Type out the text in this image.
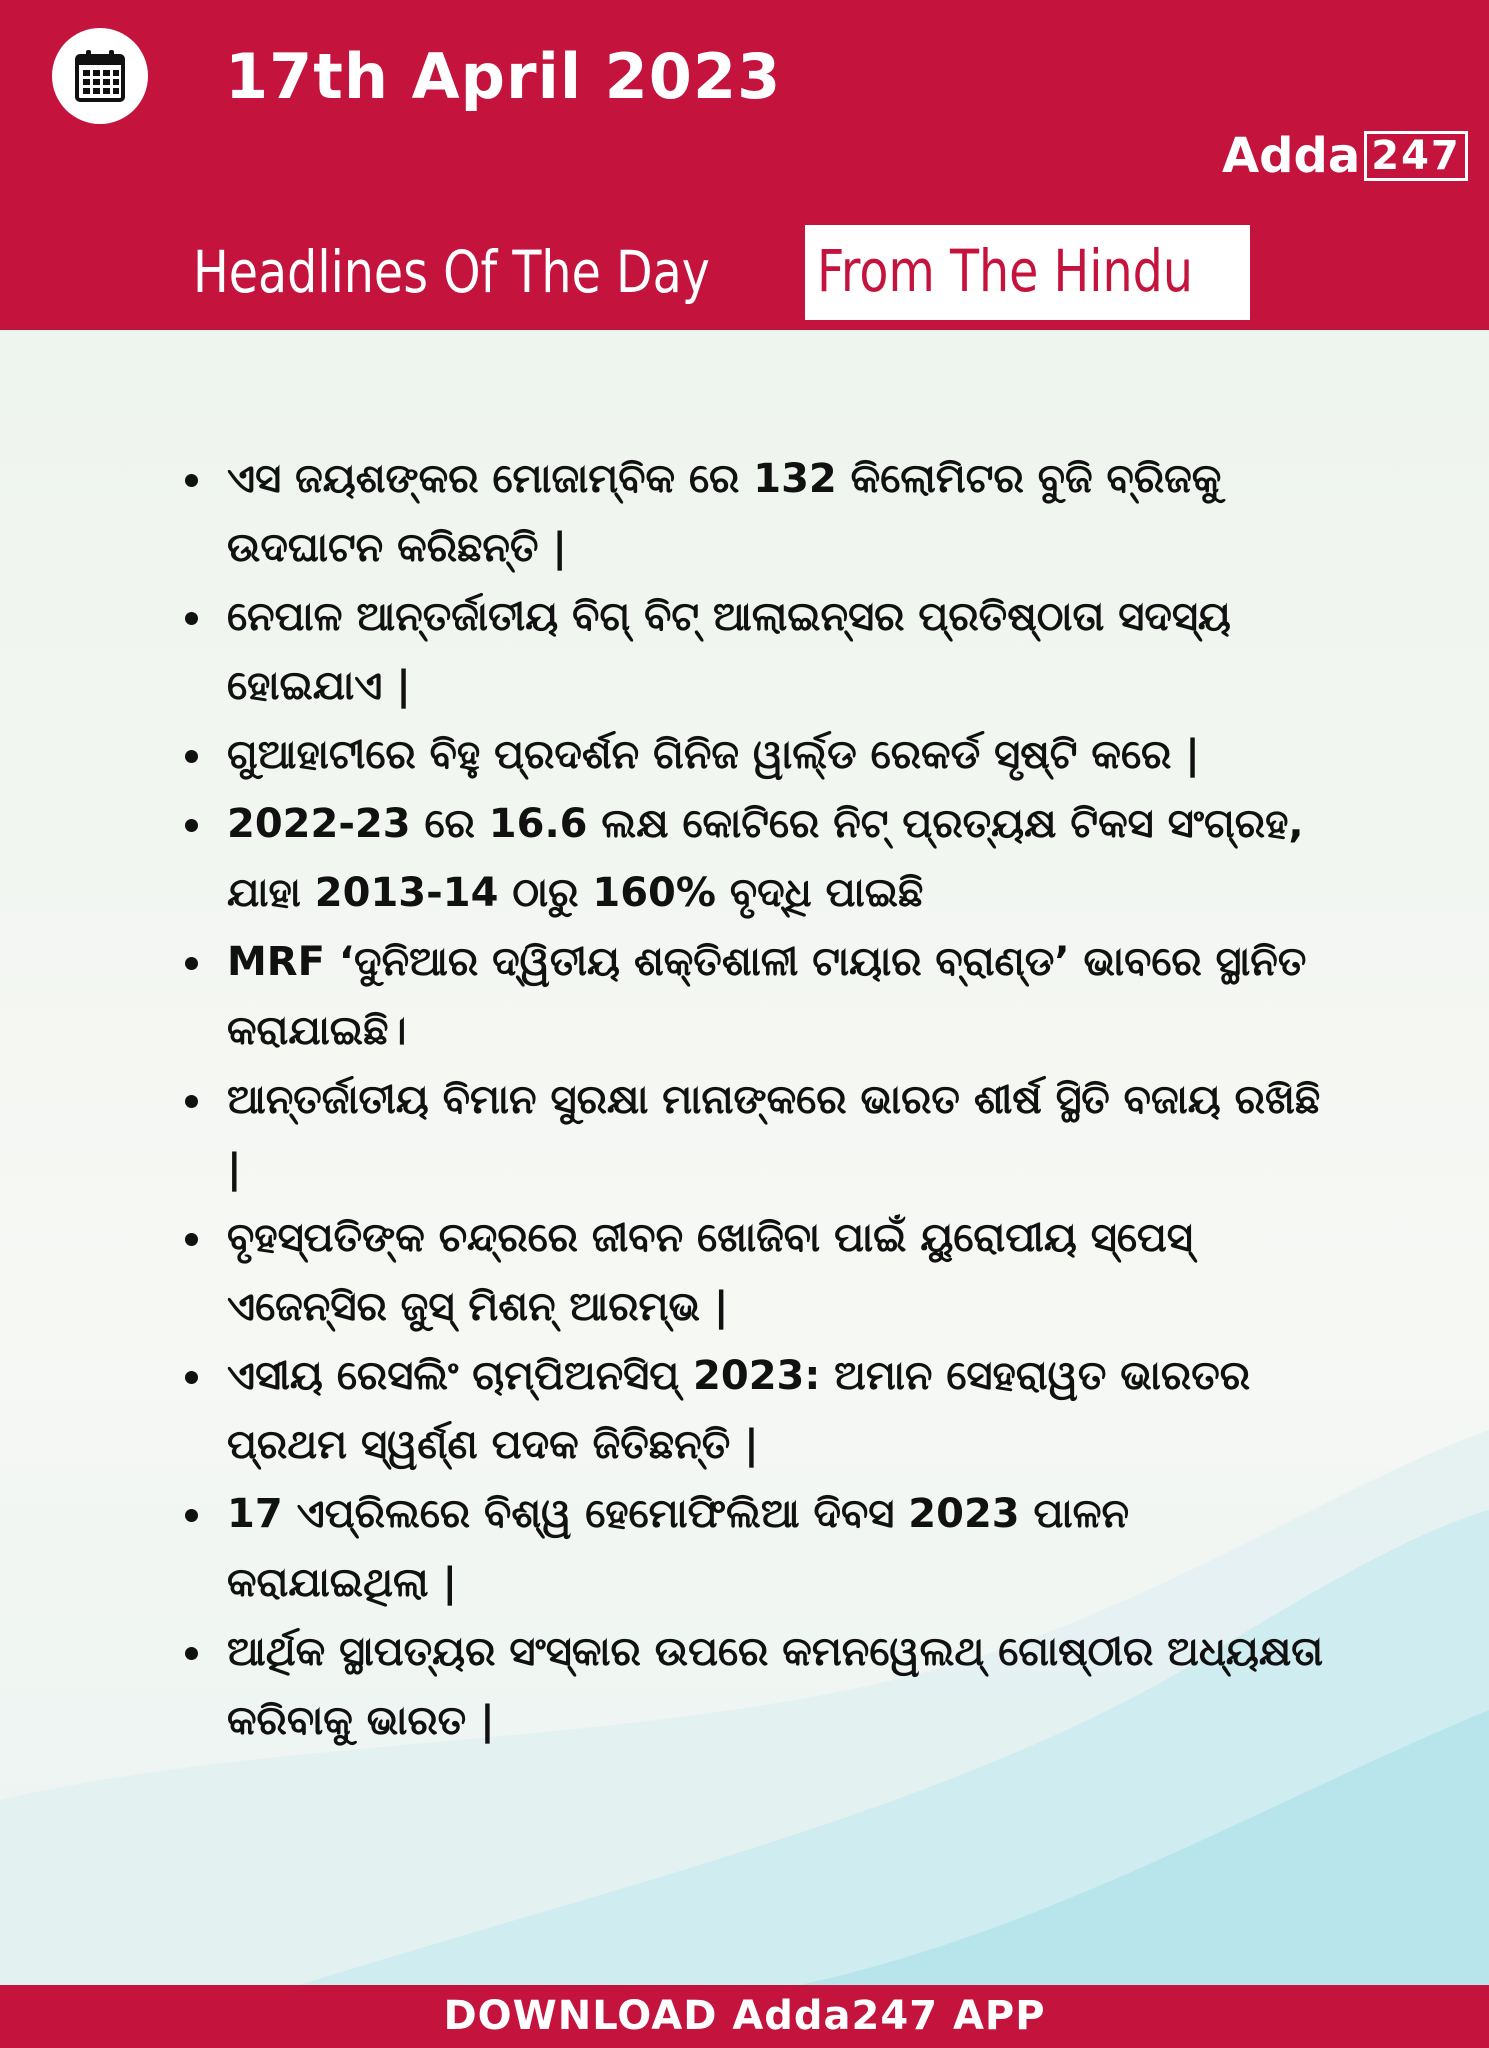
17th April 2023
Adda 247
Headlines Of The Day From The Hindu
ଏସ ଜୟଶଙ୍କର ମୋଜାମ୍ବିକ ରେ 132 କିଲୋମିଟର ବୁଜି ବ୍ରିଜକୁ ଉଦଘାଟନ କରିଛନ୍ତି |
ନେପାଳ ଆନ୍ତର୍ଜାତୀୟ ବିଗ୍ ବିଟ୍ ଆଲାଇନ୍ସର ପ୍ରତିଷ୍ଠାତା ସଦସ୍ୟ ହୋଇଯାଏ |
ଗୁଆହାଟୀରେ ବିହୁ ପ୍ରଦର୍ଶନ ଗିନିଜ ୱାର୍ଲ୍ଡ ରେକର୍ଡ ସୃଷ୍ଟି କରେ |
2022-23 ରେ 16.6 ଲକ୍ଷ କୋଟିରେ ନିଟ୍ ପ୍ରତ୍ୟକ୍ଷ ଟିକସ ସଂଗ୍ରହ, ଯାହା 2013-14 ଠାରୁ 160% ବୃଦ୍ଧି ପାଇଛି
MRF ‘ଦୁନିଆର ଦ୍ୱିତୀୟ ଶକ୍ତିଶାଳୀ ଟାୟାର ବ୍ରାଣ୍ଡ’ ଭାବରେ ସ୍ଥାନିତ କରାଯାଇଛି।
ଆନ୍ତର୍ଜାତୀୟ ବିମାନ ସୁରକ୍ଷା ମାନାଙ୍କରେ ଭାରତ ଶୀର୍ଷ ସ୍ଥିତି ବଜାୟ ରଖିଛି |
ବୃହସ୍ପତିଙ୍କ ଚନ୍ଦ୍ରରେ ଜୀବନ ଖୋଜିବା ପାଇଁ ୟୁରୋପୀୟ ସ୍ପେସ୍ ଏଜେନ୍ସିର ଜୁସ୍ ମିଶନ୍ ଆରମ୍ଭ |
ଏସୀୟ ରେସଲିଂ ଚାମ୍ପିଅନସିପ୍ 2023: ଅମାନ ସେହରାୱତ ଭାରତର ପ୍ରଥମ ସ୍ୱର୍ଣ୍ଣ ପଦକ ଜିତିଛନ୍ତି |
17 ଏପ୍ରିଲରେ ବିଶ୍ୱ ହେମୋଫିଲିଆ ଦିବସ 2023 ପାଳନ କରାଯାଇଥିଲା |
ଆର୍ଥିକ ସ୍ଥାପତ୍ୟର ସଂସ୍କାର ଉପରେ କମନୱେଲଥ୍ ଗୋଷ୍ଠୀର ଅଧ୍ୟକ୍ଷତା କରିବାକୁ ଭାରତ |
DOWNLOAD Adda247 APP
